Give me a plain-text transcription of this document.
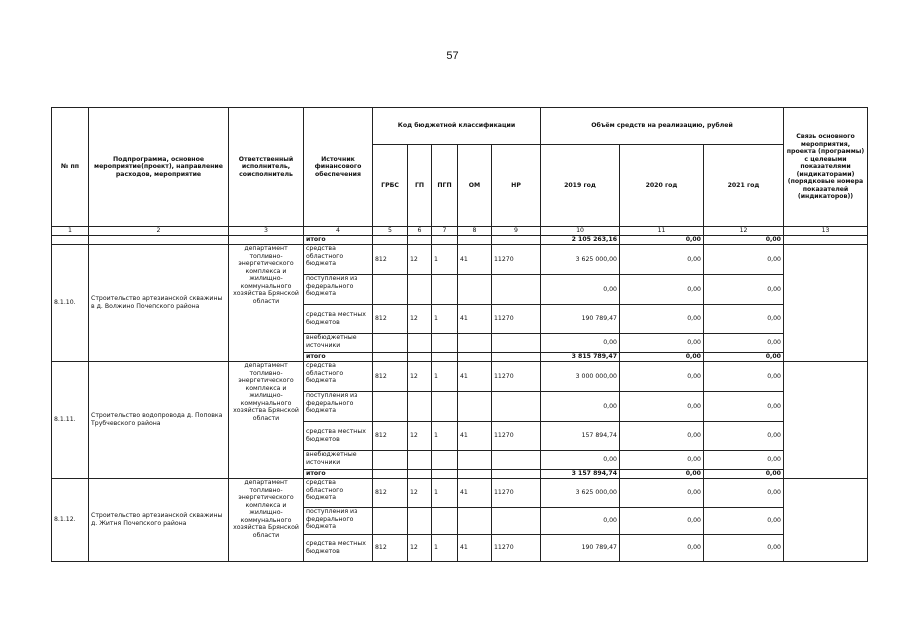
57
№ пп	Подпрограмма, основное мероприятие(проект), направление расходов, мероприятие	Ответственный исполнитель, соисполнитель	Источник финансового обеспечения	Код бюджетной классификации					Объём средств на реализацию, рублей			Связь основного мероприятия, проекта (программы) с целевыми показателями (индикаторами) (порядковые номера показателей (индикаторов))
				ГРБС	ГП	ПГП	ОМ	НР	2019 год	2020 год	2021 год	
1	2	3	4	5	6	7	8	9	10	11	12	13
			итого						2 105 263,16	0,00	0,00	
8.1.10.	Строительство артезианской скважины в д. Волжино Почепского района	департамент топливно-энергетического комплекса и жилищно-коммунального хозяйства Брянской области	средства областного бюджета	812	12	1	41	11270	3 625 000,00	0,00	0,00	
			поступления из федерального бюджета						0,00	0,00	0,00	
			средства местных бюджетов	812	12	1	41	11270	190 789,47	0,00	0,00	
			внебюджетные источники						0,00	0,00	0,00	
			итого						3 815 789,47	0,00	0,00	
8.1.11.	Строительство водопровода д. Поповка Трубчевского района	департамент топливно-энергетического комплекса и жилищно-коммунального хозяйства Брянской области	средства областного бюджета	812	12	1	41	11270	3 000 000,00	0,00	0,00	
			поступления из федерального бюджета						0,00	0,00	0,00	
			средства местных бюджетов	812	12	1	41	11270	157 894,74	0,00	0,00	
			внебюджетные источники						0,00	0,00	0,00	
			итого						3 157 894,74	0,00	0,00	
8.1.12.	Строительство артезианской скважины д. Житня Почепского района	департамент топливно-энергетического комплекса и жилищно-коммунального хозяйства Брянской области	средства областного бюджета	812	12	1	41	11270	3 625 000,00	0,00	0,00	
			поступления из федерального бюджета						0,00	0,00	0,00	
			средства местных бюджетов	812	12	1	41	11270	190 789,47	0,00	0,00	
